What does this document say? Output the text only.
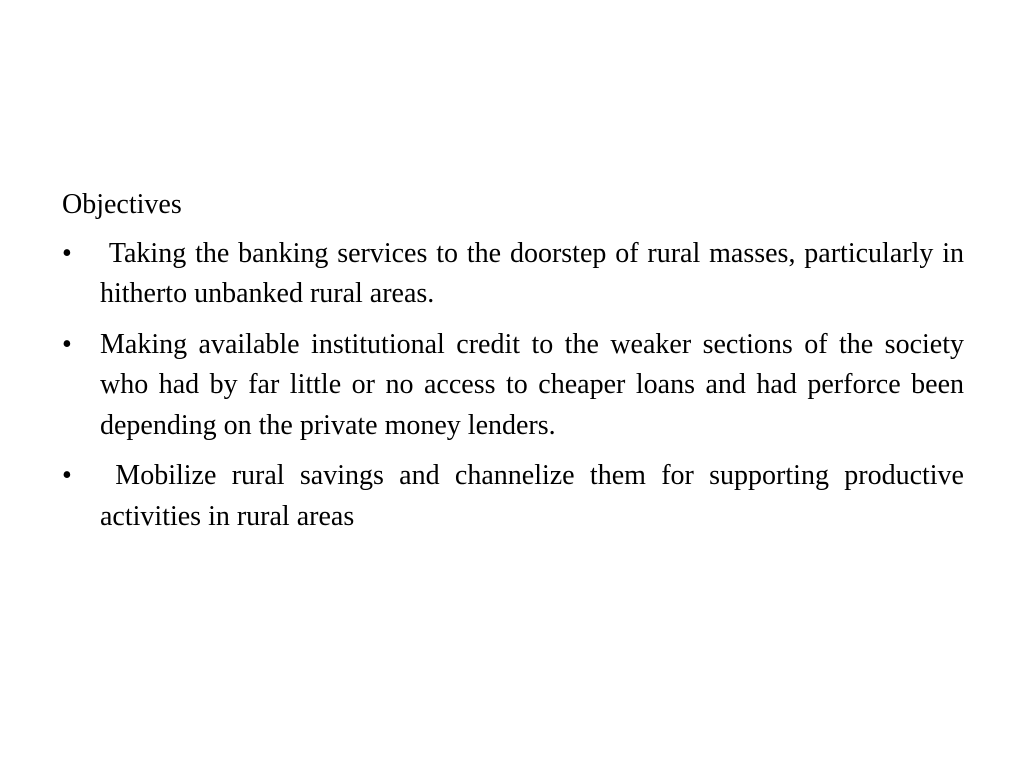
Objectives
•	Taking the banking services to the doorstep of rural masses, particularly in hitherto unbanked rural areas.
•	Making available institutional credit to the weaker sections of the society who had by far little or no access to cheaper loans and had perforce been depending on the private money lenders.
•	Mobilize rural savings and channelize them for supporting productive activities in rural areas
